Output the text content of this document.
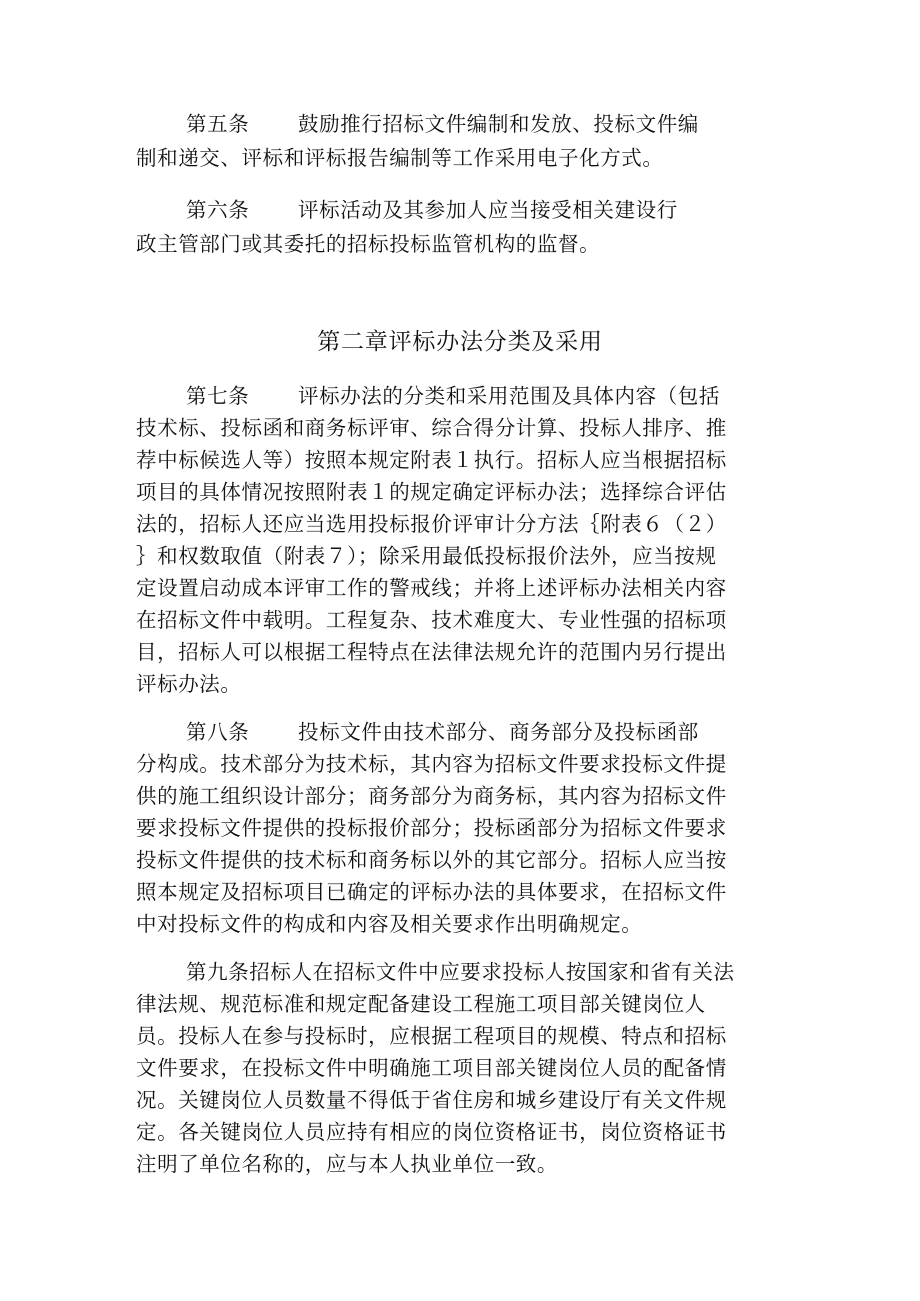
第五条 鼓励推行招标文件编制和发放、投标文件编
制和递交、评标和评标报告编制等工作采用电子化方式。
第六条 评标活动及其参加人应当接受相关建设行
政主管部门或其委托的招标投标监管机构的监督。
第二章评标办法分类及采用
第七条 评标办法的分类和采用范围及具体内容（包括
技术标、投标函和商务标评审、综合得分计算、投标人排序、推
荐中标候选人等）按照本规定附表１执行。招标人应当根据招标
项目的具体情况按照附表１的规定确定评标办法；选择综合评估
法的，招标人还应当选用投标报价评审计分方法｛附表６（２）
｝和权数取值（附表７）；除采用最低投标报价法外，应当按规
定设置启动成本评审工作的警戒线；并将上述评标办法相关内容
在招标文件中载明。工程复杂、技术难度大、专业性强的招标项
目，招标人可以根据工程特点在法律法规允许的范围内另行提出
评标办法。
第八条 投标文件由技术部分、商务部分及投标函部
分构成。技术部分为技术标，其内容为招标文件要求投标文件提
供的施工组织设计部分；商务部分为商务标，其内容为招标文件
要求投标文件提供的投标报价部分；投标函部分为招标文件要求
投标文件提供的技术标和商务标以外的其它部分。招标人应当按
照本规定及招标项目已确定的评标办法的具体要求，在招标文件
中对投标文件的构成和内容及相关要求作出明确规定。
第九条招标人在招标文件中应要求投标人按国家和省有关法
律法规、规范标准和规定配备建设工程施工项目部关键岗位人
员。投标人在参与投标时，应根据工程项目的规模、特点和招标
文件要求，在投标文件中明确施工项目部关键岗位人员的配备情
况。关键岗位人员数量不得低于省住房和城乡建设厅有关文件规
定。各关键岗位人员应持有相应的岗位资格证书，岗位资格证书
注明了单位名称的，应与本人执业单位一致。
